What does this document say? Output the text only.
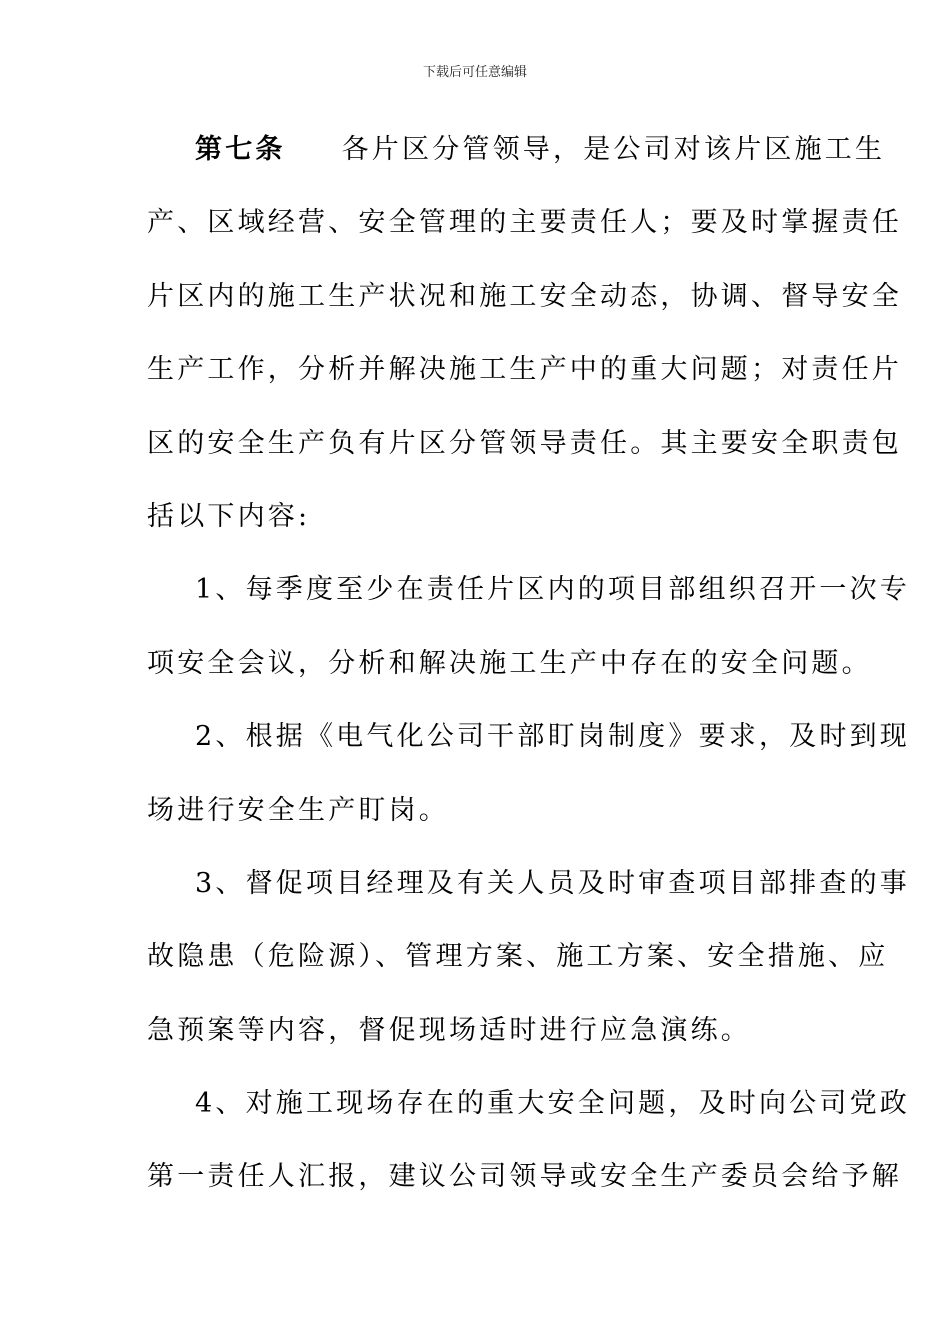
下载后可任意编辑
第七条 各片区分管领导，是公司对该片区施工生
产、区域经营、安全管理的主要责任人；要及时掌握责任
片区内的施工生产状况和施工安全动态，协调、督导安全
生产工作，分析并解决施工生产中的重大问题；对责任片
区的安全生产负有片区分管领导责任。其主要安全职责包
括以下内容:
1、每季度至少在责任片区内的项目部组织召开一次专
项安全会议，分析和解决施工生产中存在的安全问题。
2、根据《电气化公司干部盯岗制度》要求，及时到现
场进行安全生产盯岗。
3、督促项目经理及有关人员及时审查项目部排查的事
故隐患（危险源）、管理方案、施工方案、安全措施、应
急预案等内容，督促现场适时进行应急演练。
4、对施工现场存在的重大安全问题，及时向公司党政
第一责任人汇报，建议公司领导或安全生产委员会给予解
